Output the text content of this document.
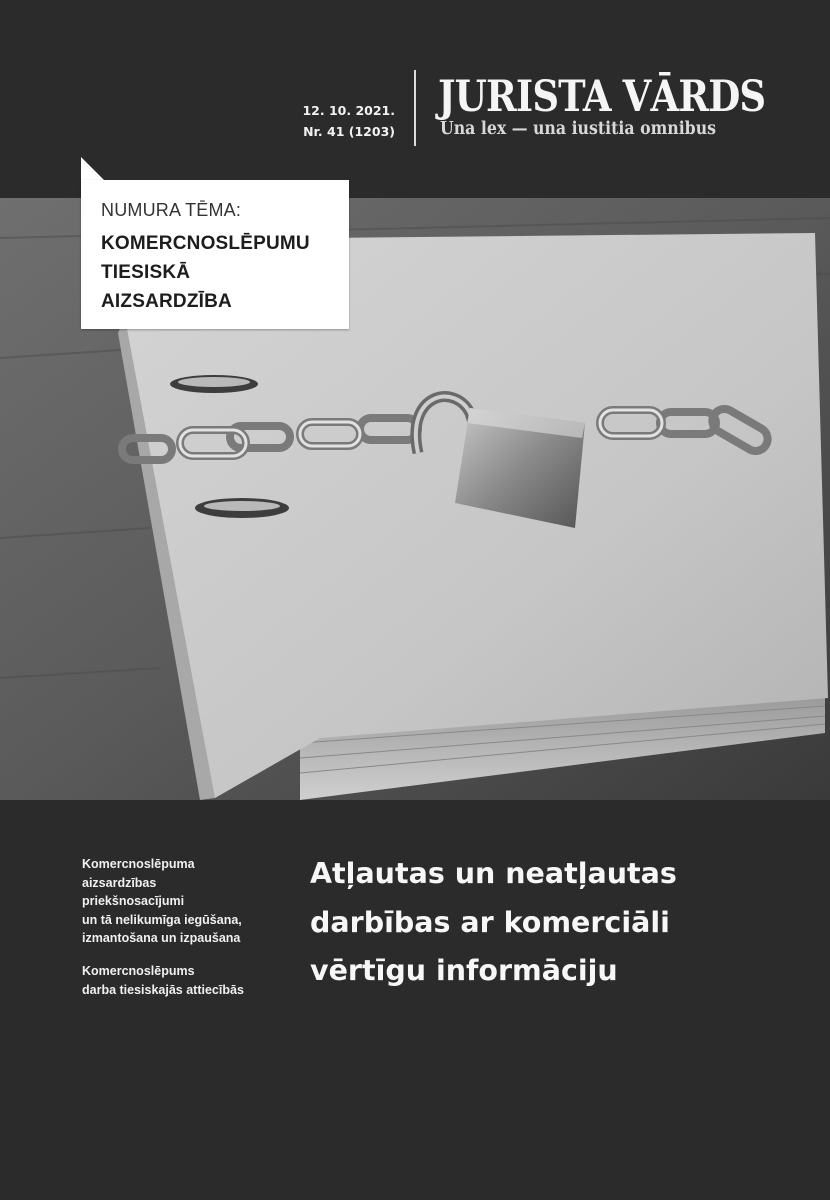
12. 10. 2021.
Nr. 41 (1203)
JURISTA VĀRDS
Una lex — una iustitia omnibus
NUMURA TĒMA:
KOMERCNOSLĒPUMU
TIESISKĀ
AIZSARDZĪBA
Komercnoslēpuma
aizsardzības
priekšnosacījumi
un tā nelikumīga iegūšana,
izmantošana un izpaušana
Komercnoslēpums
darba tiesiskajās attiecībās
Atļautas un neatļautas
darbības ar komerciāli
vērtīgu informāciju
